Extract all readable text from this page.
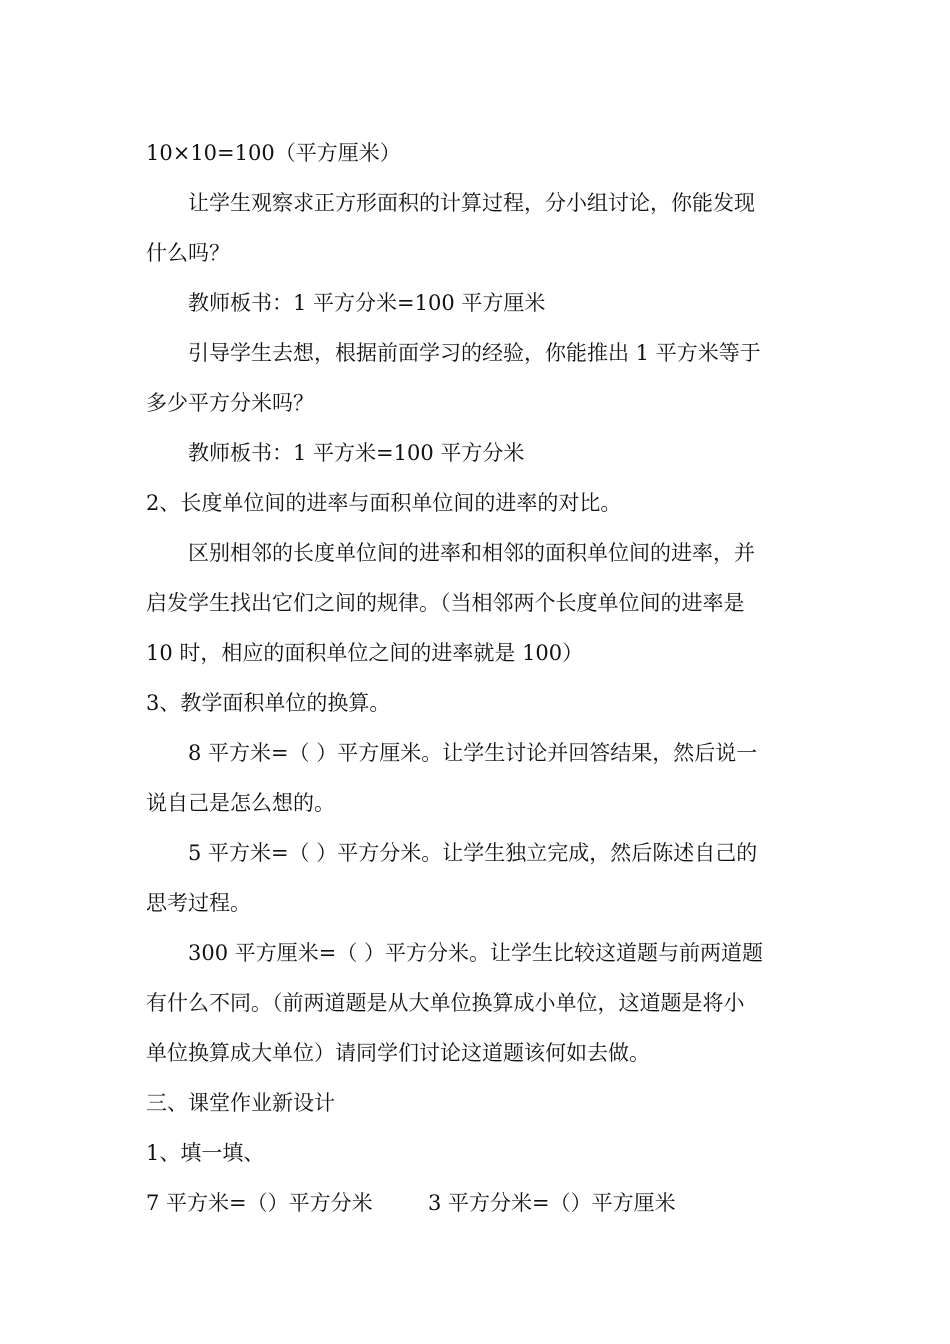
10×10=100（平方厘米）
让学生观察求正方形面积的计算过程，分小组讨论，你能发现
什么吗？
教师板书：1 平方分米=100 平方厘米
引导学生去想，根据前面学习的经验，你能推出 1 平方米等于
多少平方分米吗？
教师板书：1 平方米=100 平方分米
2、长度单位间的进率与面积单位间的进率的对比。
区别相邻的长度单位间的进率和相邻的面积单位间的进率，并
启发学生找出它们之间的规律。（当相邻两个长度单位间的进率是
10 时，相应的面积单位之间的进率就是 100）
3、教学面积单位的换算。
8 平方米=（ ）平方厘米。让学生讨论并回答结果，然后说一
说自己是怎么想的。
5 平方米=（ ）平方分米。让学生独立完成，然后陈述自己的
思考过程。
300 平方厘米=（ ）平方分米。让学生比较这道题与前两道题
有什么不同。（前两道题是从大单位换算成小单位，这道题是将小
单位换算成大单位）请同学们讨论这道题该何如去做。
三、课堂作业新设计
1、填一填、
7 平方米=（）平方分米	3 平方分米=（）平方厘米
